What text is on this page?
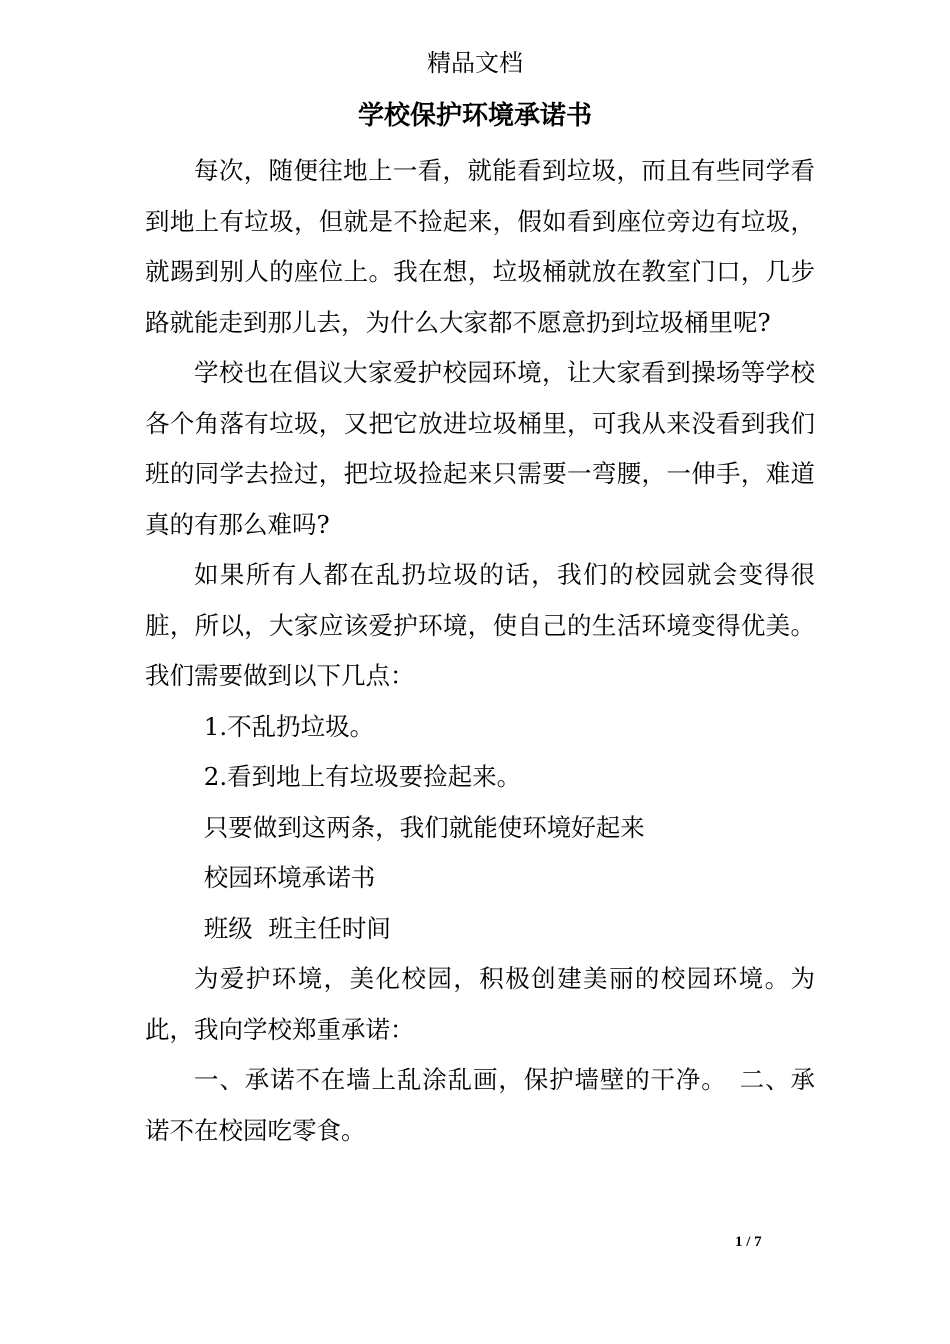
精品文档
学校保护环境承诺书

每次，随便往地上一看，就能看到垃圾，而且有些同学看到地上有垃圾，但就是不捡起来，假如看到座位旁边有垃圾，就踢到别人的座位上。我在想，垃圾桶就放在教室门口，几步路就能走到那儿去，为什么大家都不愿意扔到垃圾桶里呢?

学校也在倡议大家爱护校园环境，让大家看到操场等学校各个角落有垃圾，又把它放进垃圾桶里，可我从来没看到我们班的同学去捡过，把垃圾捡起来只需要一弯腰，一伸手，难道真的有那么难吗?

如果所有人都在乱扔垃圾的话，我们的校园就会变得很脏，所以，大家应该爱护环境，使自己的生活环境变得优美。我们需要做到以下几点：

1.不乱扔垃圾。

2.看到地上有垃圾要捡起来。

只要做到这两条，我们就能使环境好起来

校园环境承诺书

班级  班主任时间

为爱护环境，美化校园，积极创建美丽的校园环境。为此，我向学校郑重承诺：

一、承诺不在墙上乱涂乱画，保护墙壁的干净。　二、承诺不在校园吃零食。

1 / 7
